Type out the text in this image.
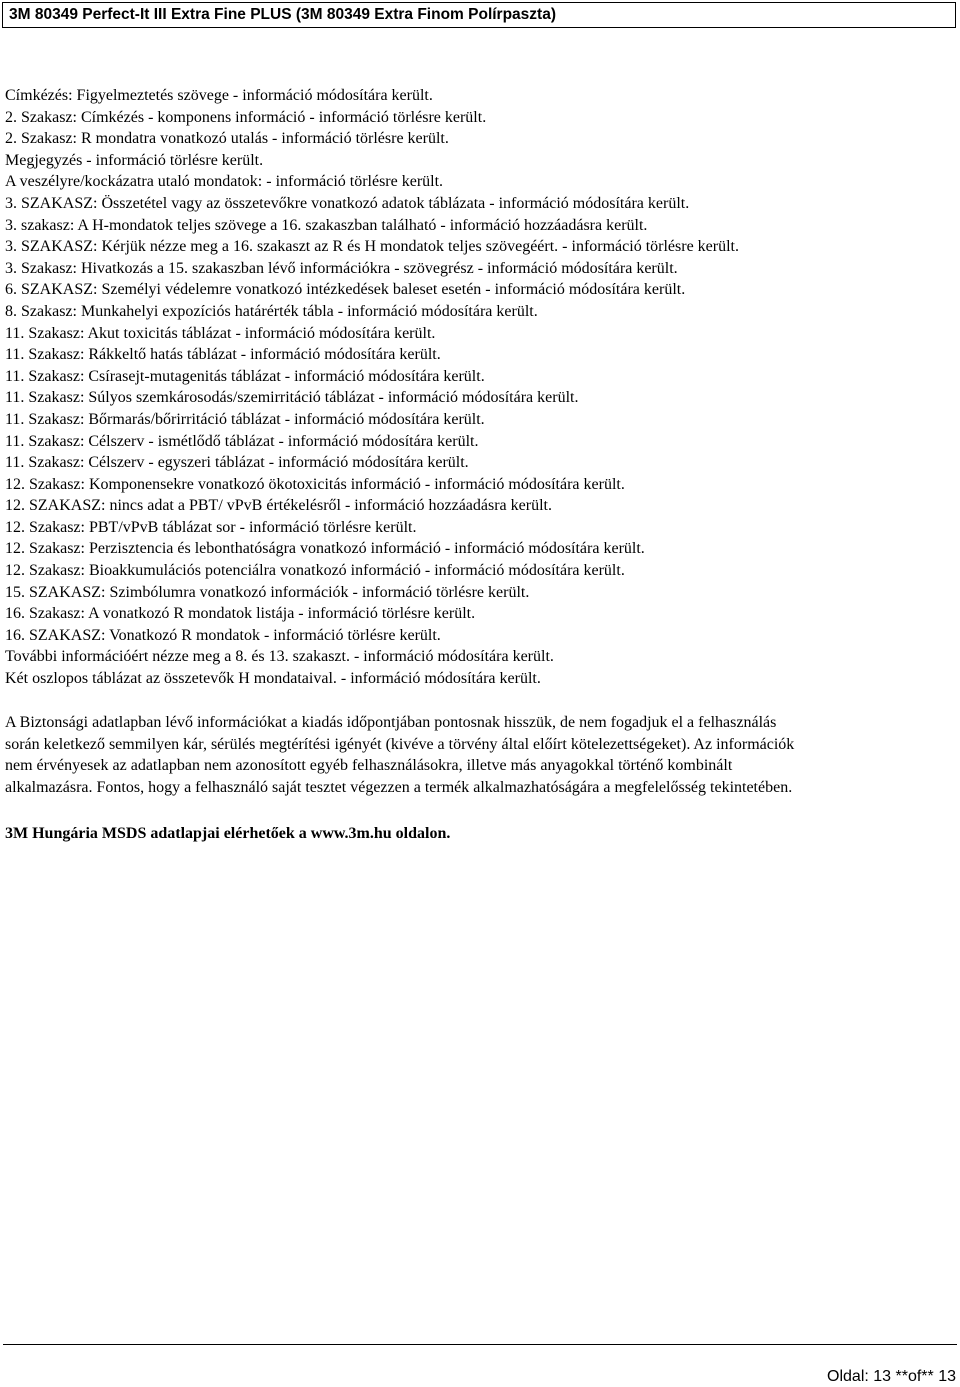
3M 80349 Perfect-It III Extra Fine PLUS (3M 80349 Extra Finom Polírpaszta)
Címkézés: Figyelmeztetés szövege - információ módosítára került.
2. Szakasz: Címkézés - komponens információ - információ törlésre került.
2. Szakasz: R mondatra vonatkozó utalás - információ törlésre került.
Megjegyzés - információ törlésre került.
A veszélyre/kockázatra utaló mondatok: - információ törlésre került.
3. SZAKASZ: Összetétel vagy az összetevőkre vonatkozó adatok táblázata - információ módosítára került.
3. szakasz: A H-mondatok teljes szövege a 16. szakaszban található - információ hozzáadásra került.
3. SZAKASZ: Kérjük nézze meg a 16. szakaszt az R és H mondatok teljes szövegéért. - információ törlésre került.
3. Szakasz: Hivatkozás a 15. szakaszban lévő információkra - szövegrész - információ módosítára került.
6. SZAKASZ: Személyi védelemre vonatkozó intézkedések baleset esetén - információ módosítára került.
8. Szakasz: Munkahelyi expozíciós határérték tábla - információ módosítára került.
11. Szakasz: Akut toxicitás táblázat - információ módosítára került.
11. Szakasz: Rákkeltő hatás táblázat - információ módosítára került.
11. Szakasz: Csírasejt-mutagenitás táblázat - információ módosítára került.
11. Szakasz: Súlyos szemkárosodás/szemirritáció táblázat - információ módosítára került.
11. Szakasz: Bőrmarás/bőrirritáció táblázat - információ módosítára került.
11. Szakasz: Célszerv - ismétlődő táblázat - információ módosítára került.
11. Szakasz: Célszerv - egyszeri táblázat - információ módosítára került.
12. Szakasz: Komponensekre vonatkozó ökotoxicitás információ - információ módosítára került.
12. SZAKASZ: nincs adat a PBT/ vPvB értékelésről - információ hozzáadásra került.
12. Szakasz: PBT/vPvB táblázat sor - információ törlésre került.
12. Szakasz: Perzisztencia és lebonthatóságra vonatkozó információ - információ módosítára került.
12. Szakasz: Bioakkumulációs potenciálra vonatkozó információ - információ módosítára került.
15. SZAKASZ: Szimbólumra vonatkozó információk - információ törlésre került.
16. Szakasz: A vonatkozó R mondatok listája - információ törlésre került.
16. SZAKASZ: Vonatkozó R mondatok - információ törlésre került.
További információért nézze meg a 8. és 13. szakaszt. - információ módosítára került.
Két oszlopos táblázat az összetevők H mondataival. - információ módosítára került.
A Biztonsági adatlapban lévő információkat a kiadás időpontjában pontosnak hisszük, de nem fogadjuk el a felhasználás
során keletkező semmilyen kár, sérülés megtérítési igényét (kivéve a törvény által előírt kötelezettségeket). Az információk
nem érvényesek az adatlapban nem azonosított egyéb felhasználásokra, illetve más anyagokkal történő kombinált
alkalmazásra. Fontos, hogy a felhasználó saját tesztet végezzen a termék alkalmazhatóságára a megfelelősség tekintetében.
3M Hungária MSDS adatlapjai elérhetőek a www.3m.hu oldalon.
Oldal: 13 **of** 13
